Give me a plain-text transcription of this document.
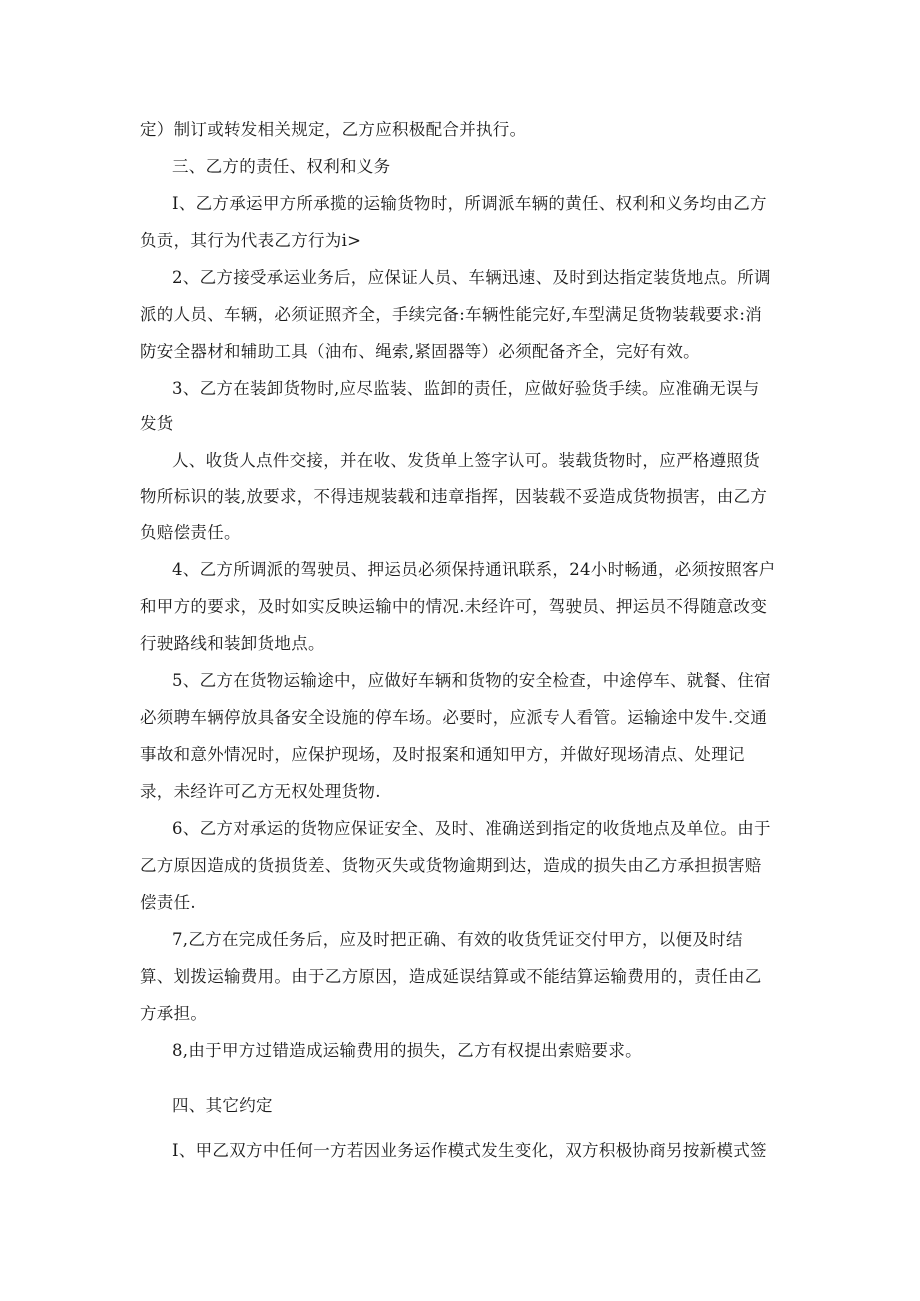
定）制订或转发相关规定，乙方应积极配合并执行。
三、乙方的责任、权利和义务
I、乙方承运甲方所承揽的运输货物时，所调派车辆的黄任、权利和义务均由乙方
负贡，其行为代表乙方行为i>
2、乙方接受承运业务后，应保证人员、车辆迅速、及时到达指定装货地点。所调
派的人员、车辆，必须证照齐全，手续完备:车辆性能完好,车型满足货物装载要求:消
防安全器材和辅助工具（油布、绳索,紧固器等）必须配备齐全，完好有效。
3、乙方在装卸货物时,应尽监装、监卸的责任，应做好验货手续。应准确无误与
发货
人、收货人点件交接，并在收、发货单上签字认可。装载货物时，应严格遵照货
物所标识的装,放要求，不得违规装载和违章指挥，因装载不妥造成货物损害，由乙方
负赔偿责任。
4、乙方所调派的驾驶员、押运员必须保持通讯联系，24小时畅通，必须按照客户
和甲方的要求，及时如实反映运输中的情况.未经许可，驾驶员、押运员不得随意改变
行驶路线和装卸货地点。
5、乙方在货物运输途中，应做好车辆和货物的安全检查，中途停车、就餐、住宿
必须聘车辆停放具备安全设施的停车场。必要时，应派专人看管。运输途中发牛.交通
事故和意外情况时，应保护现场，及时报案和通知甲方，并做好现场清点、处理记
录，未经许可乙方无权处理货物.
6、乙方对承运的货物应保证安全、及时、准确送到指定的收货地点及单位。由于
乙方原因造成的货损货差、货物灭失或货物逾期到达，造成的损失由乙方承担损害赔
偿责任.
7,乙方在完成任务后，应及时把正确、有效的收货凭证交付甲方，以便及时结
算、划拨运输费用。由于乙方原因，造成延误结算或不能结算运输费用的，责任由乙
方承担。
8,由于甲方过错造成运输费用的损失，乙方有权提出索赔要求。
四、其它约定
I、甲乙双方中任何一方若因业务运作模式发生变化，双方积极协商另按新模式签
